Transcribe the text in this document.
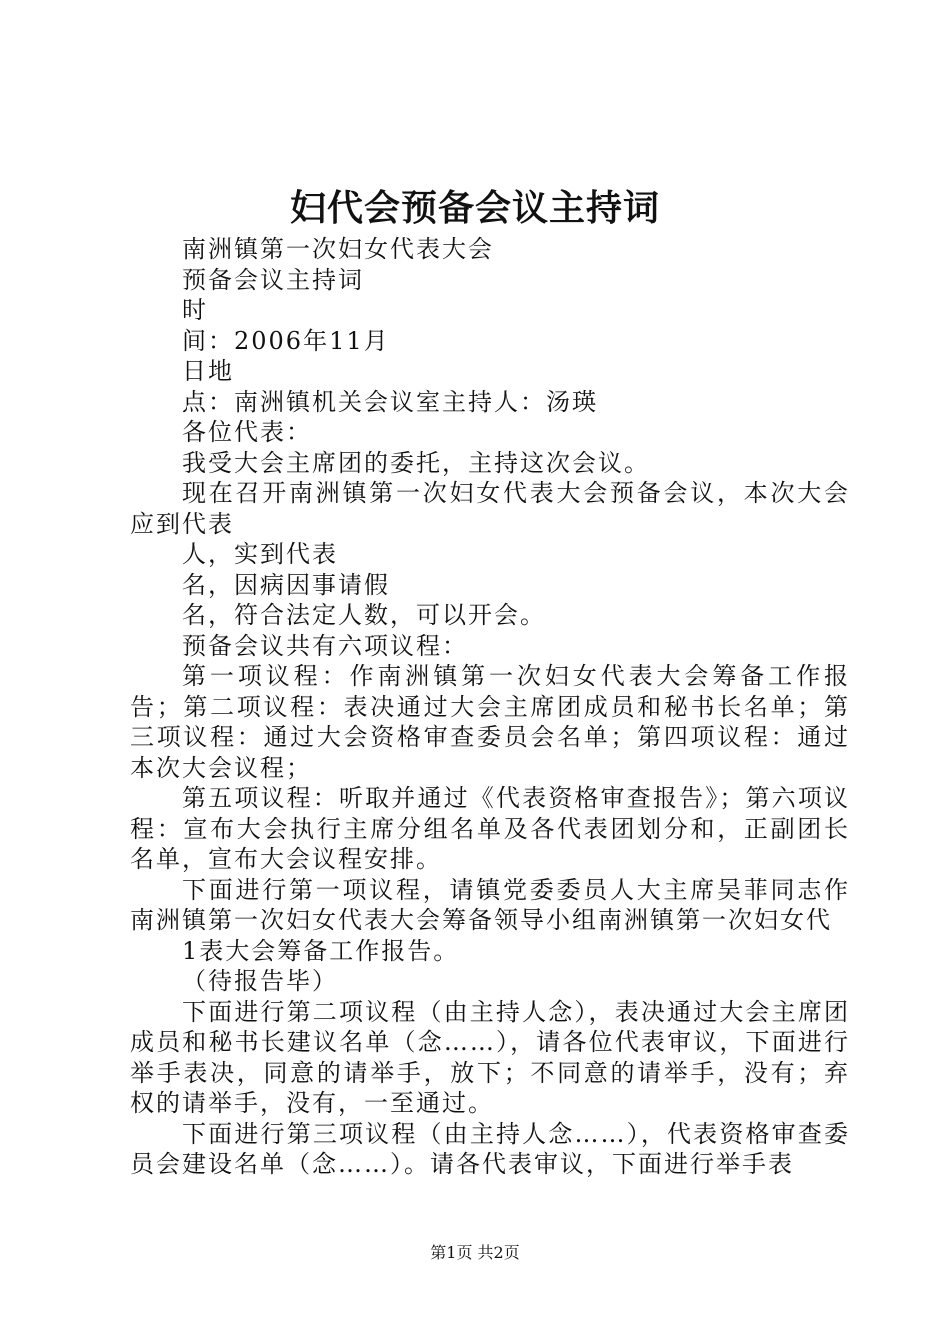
妇代会预备会议主持词
南洲镇第一次妇女代表大会
预备会议主持词
时
间：2006年11月
日地
点：南洲镇机关会议室主持人：汤瑛
各位代表：
我受大会主席团的委托，主持这次会议。
现在召开南洲镇第一次妇女代表大会预备会议，本次大会应到代表
人，实到代表
名，因病因事请假
名，符合法定人数，可以开会。
预备会议共有六项议程：
第一项议程：作南洲镇第一次妇女代表大会筹备工作报告；第二项议程：表决通过大会主席团成员和秘书长名单；第三项议程：通过大会资格审查委员会名单；第四项议程：通过本次大会议程；
第五项议程：听取并通过《代表资格审查报告》；第六项议程：宣布大会执行主席分组名单及各代表团划分和，正副团长名单，宣布大会议程安排。
下面进行第一项议程，请镇党委委员人大主席吴菲同志作南洲镇第一次妇女代表大会筹备领导小组南洲镇第一次妇女代
1表大会筹备工作报告。
（待报告毕）
下面进行第二项议程（由主持人念），表决通过大会主席团成员和秘书长建议名单（念……），请各位代表审议，下面进行举手表决，同意的请举手，放下；不同意的请举手，没有；弃权的请举手，没有，一至通过。
下面进行第三项议程（由主持人念……），代表资格审查委员会建设名单（念……）。请各代表审议，下面进行举手表
第1页 共2页
